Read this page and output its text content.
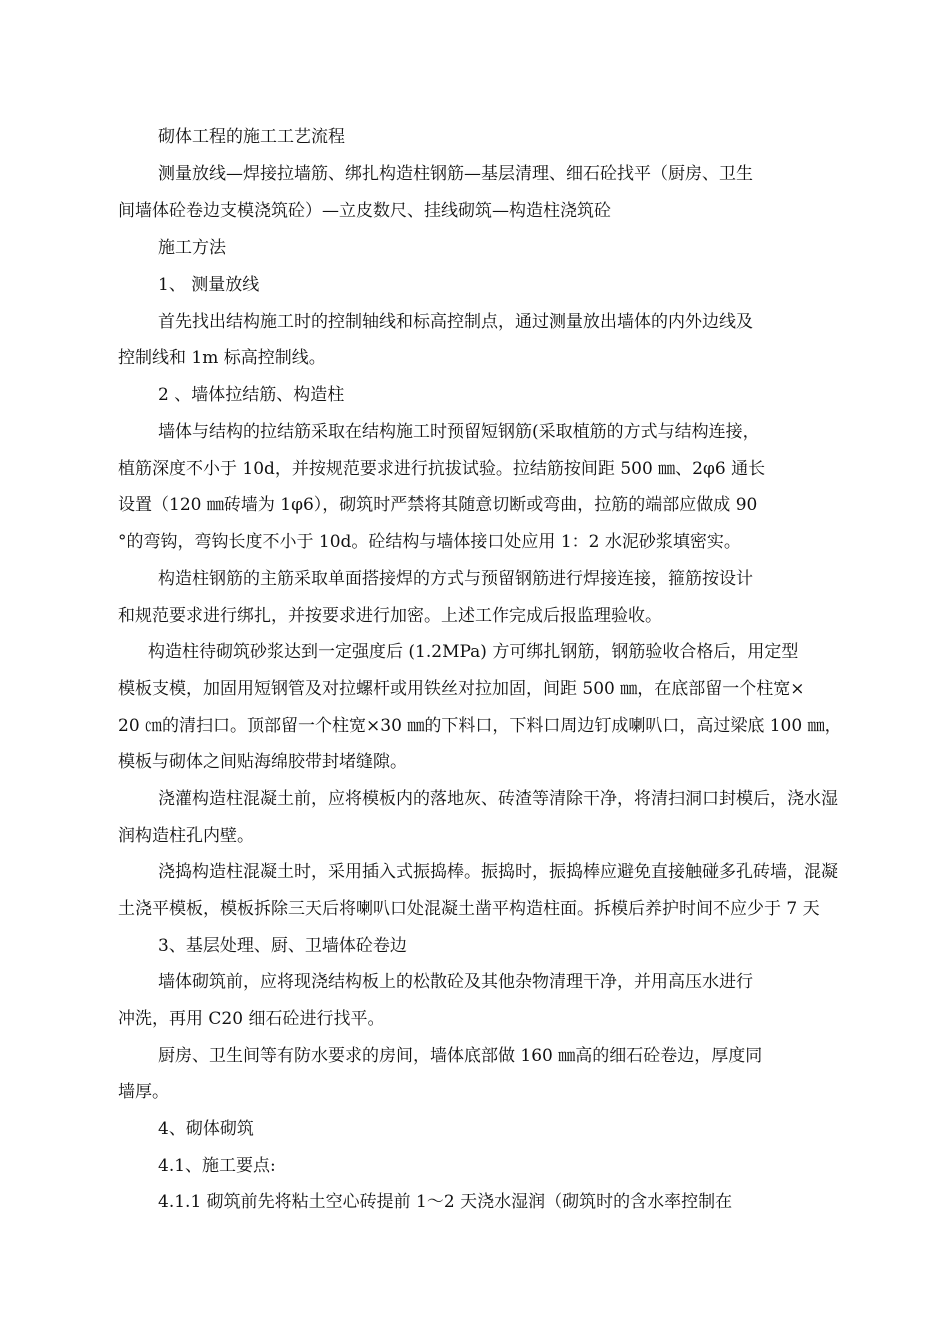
砌体工程的施工工艺流程
测量放线—焊接拉墙筋、绑扎构造柱钢筋—基层清理、细石砼找平（厨房、卫生
间墙体砼卷边支模浇筑砼）—立皮数尺、挂线砌筑—构造柱浇筑砼
施工方法
1、 测量放线
首先找出结构施工时的控制轴线和标高控制点，通过测量放出墙体的内外边线及
控制线和 1m 标高控制线。
2 、墙体拉结筋、构造柱
墙体与结构的拉结筋采取在结构施工时预留短钢筋(采取植筋的方式与结构连接，
植筋深度不小于 10d，并按规范要求进行抗拔试验。拉结筋按间距 500 ㎜、2φ6 通长
设置（120 ㎜砖墙为 1φ6），砌筑时严禁将其随意切断或弯曲，拉筋的端部应做成 90
°的弯钩，弯钩长度不小于 10d。砼结构与墙体接口处应用 1：2 水泥砂浆填密实。
构造柱钢筋的主筋采取单面搭接焊的方式与预留钢筋进行焊接连接，箍筋按设计
和规范要求进行绑扎，并按要求进行加密。上述工作完成后报监理验收。
构造柱待砌筑砂浆达到一定强度后 (1.2MPa) 方可绑扎钢筋，钢筋验收合格后，用定型
模板支模，加固用短钢管及对拉螺杆或用铁丝对拉加固，间距 500 ㎜，在底部留一个柱宽×
20 ㎝的清扫口。顶部留一个柱宽×30 ㎜的下料口，下料口周边钉成喇叭口，高过梁底 100 ㎜，
模板与砌体之间贴海绵胶带封堵缝隙。
浇灌构造柱混凝土前，应将模板内的落地灰、砖渣等清除干净，将清扫洞口封模后，浇水湿
润构造柱孔内壁。
浇捣构造柱混凝土时，采用插入式振捣棒。振捣时，振捣棒应避免直接触碰多孔砖墙，混凝
土浇平模板，模板拆除三天后将喇叭口处混凝土凿平构造柱面。拆模后养护时间不应少于 7 天
3、基层处理、厨、卫墙体砼卷边
墙体砌筑前，应将现浇结构板上的松散砼及其他杂物清理干净，并用高压水进行
冲洗，再用 C20 细石砼进行找平。
厨房、卫生间等有防水要求的房间，墙体底部做 160 ㎜高的细石砼卷边，厚度同
墙厚。
4、砌体砌筑
4.1、施工要点:
4.1.1 砌筑前先将粘土空心砖提前 1～2 天浇水湿润（砌筑时的含水率控制在
